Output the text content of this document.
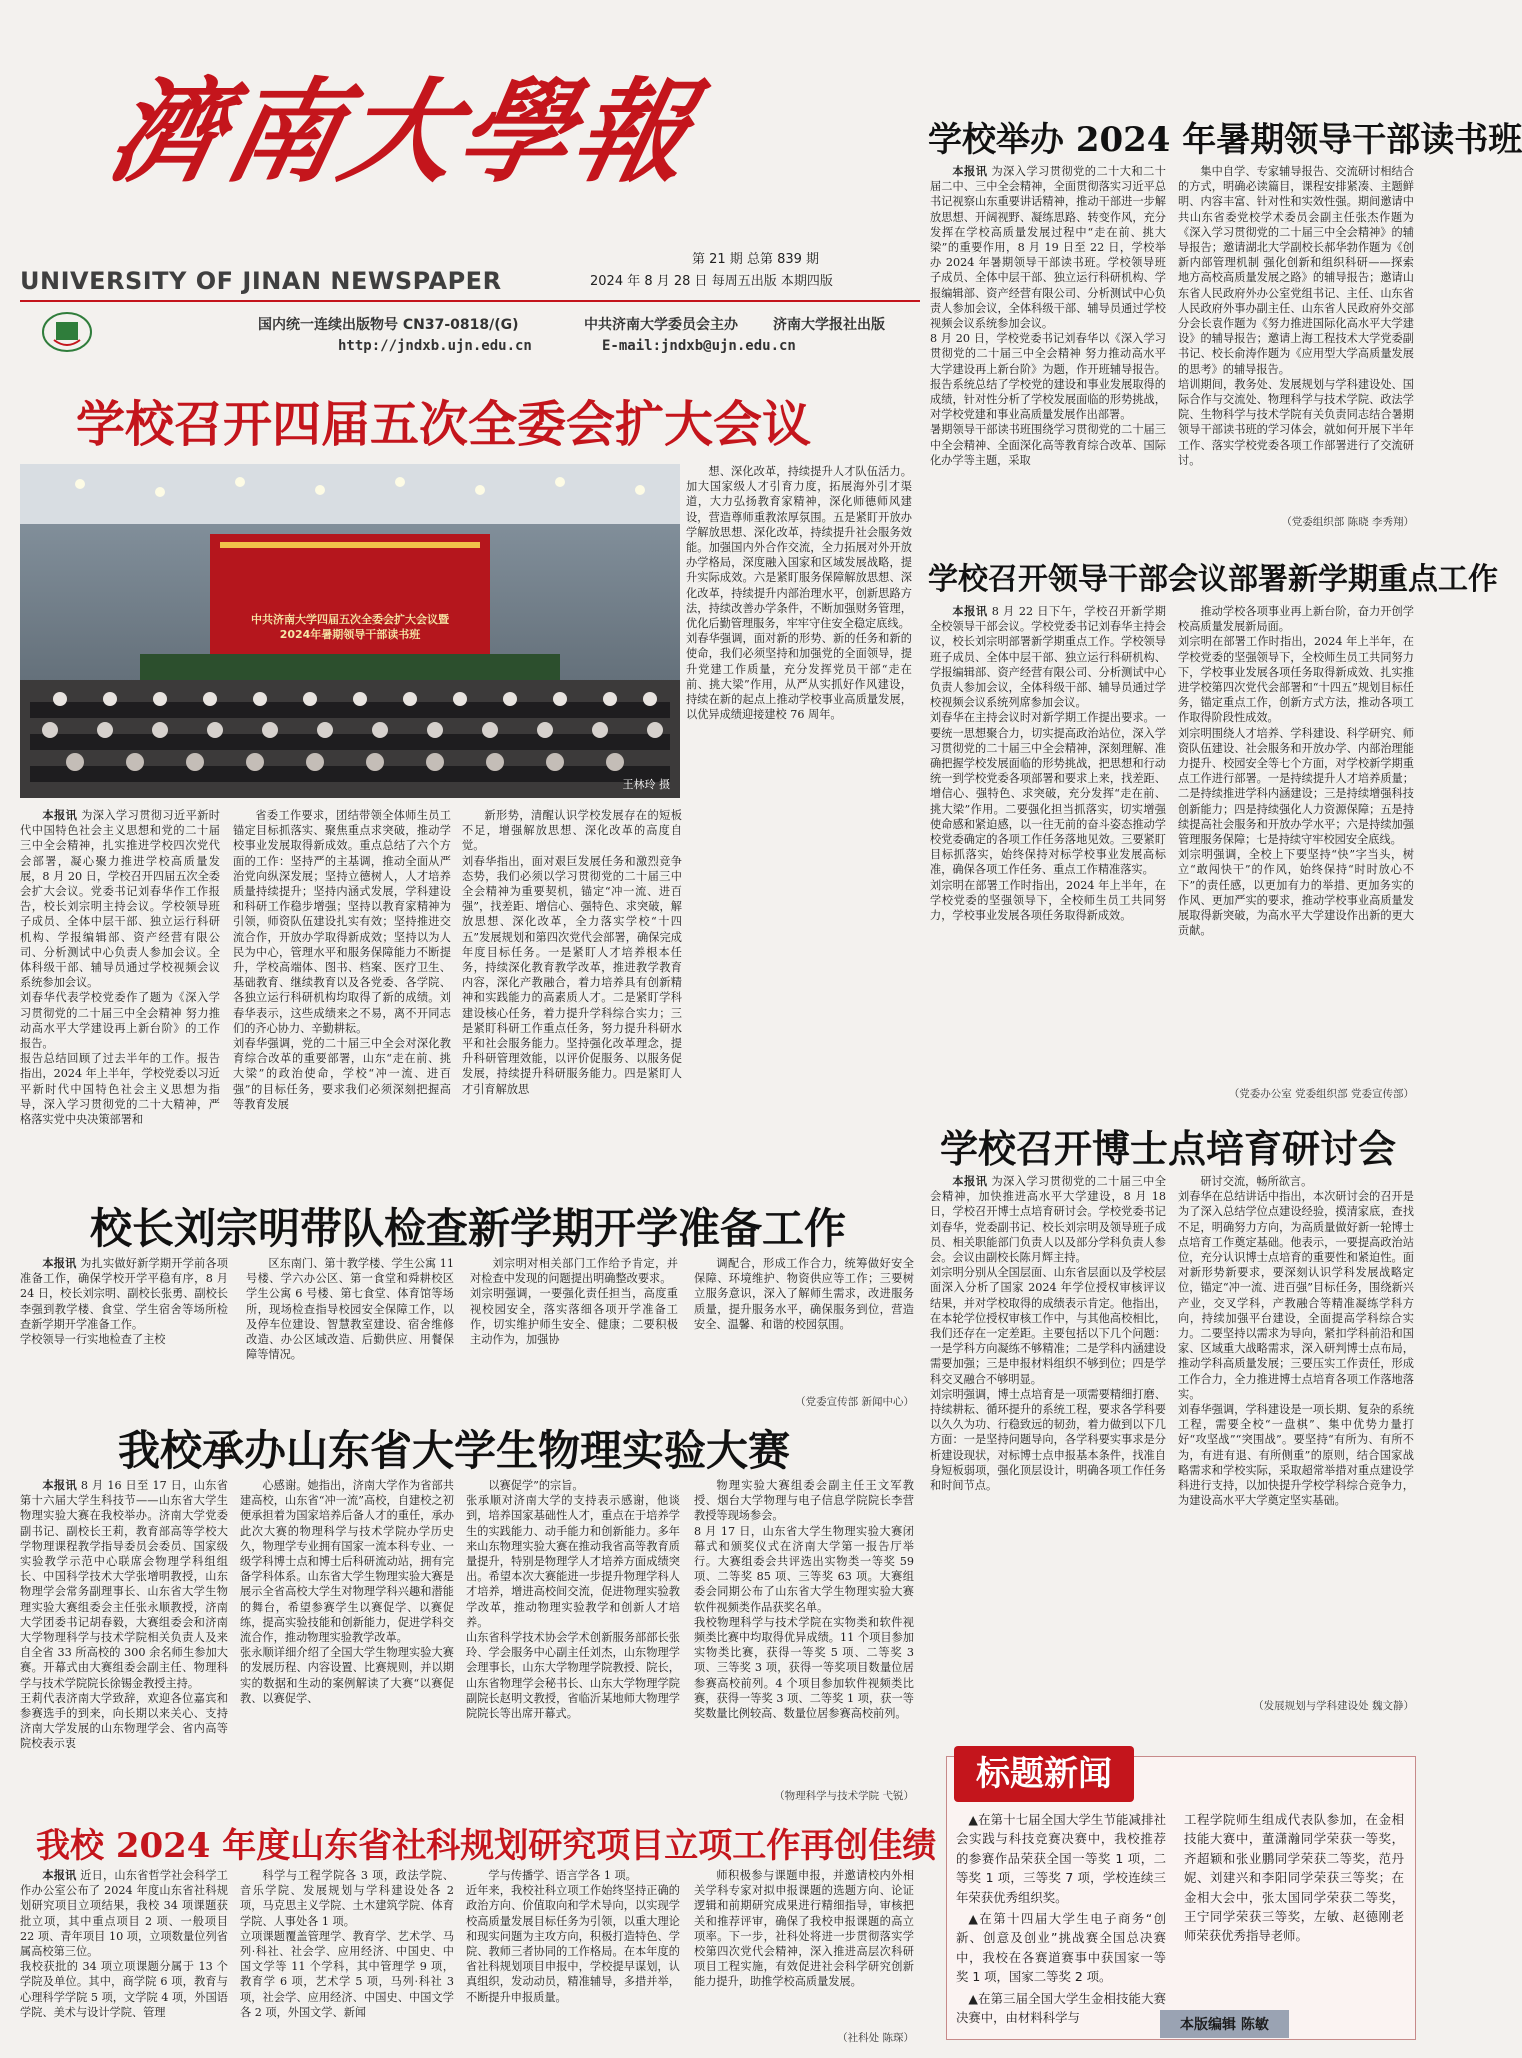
濟南大學報
UNIVERSITY OF JINAN NEWSPAPER
第 21 期 总第 839 期
2024 年 8 月 28 日 每周五出版 本期四版
国内统一连续出版物号 CN37-0818/(G)	中共济南大学委员会主办	济南大学报社出版
http://jndxb.ujn.edu.cn	E-mail:jndxb@ujn.edu.cn
学校召开四届五次全委会扩大会议
中共济南大学四届五次全委会扩大会议暨
2024年暑期领导干部读书班
王林玲 摄

本报讯 为深入学习贯彻习近平新时代中国特色社会主义思想和党的二十届三中全会精神，扎实推进学校四次党代会部署，凝心聚力推进学校高质量发展，8 月 20 日，学校召开四届五次全委会扩大会议。党委书记刘春华作工作报告，校长刘宗明主持会议。学校领导班子成员、全体中层干部、独立运行科研机构、学报编辑部、资产经营有限公司、分析测试中心负责人参加会议。全体科级干部、辅导员通过学校视频会议系统参加会议。
刘春华代表学校党委作了题为《深入学习贯彻党的二十届三中全会精神 努力推动高水平大学建设再上新台阶》的工作报告。
报告总结回顾了过去半年的工作。报告指出，2024 年上半年，学校党委以习近平新时代中国特色社会主义思想为指导，深入学习贯彻党的二十大精神，严格落实党中央决策部署和

省委工作要求，团结带领全体师生员工锚定目标抓落实、聚焦重点求突破，推动学校事业发展取得新成效。重点总结了六个方面的工作：坚持严的主基调，推动全面从严治党向纵深发展；坚持立德树人，人才培养质量持续提升；坚持内涵式发展，学科建设和科研工作稳步增强；坚持以教育家精神为引领，师资队伍建设扎实有效；坚持推进交流合作，开放办学取得新成效；坚持以为人民为中心，管理水平和服务保障能力不断提升，学校高端体、图书、档案、医疗卫生、基础教育、继续教育以及各党委、各学院、各独立运行科研机构均取得了新的成绩。刘春华表示，这些成绩来之不易，离不开同志们的齐心协力、辛勤耕耘。
刘春华强调，党的二十届三中全会对深化教育综合改革的重要部署，山东“走在前、挑大梁”的政治使命，学校“冲一流、进百强”的目标任务，要求我们必须深刻把握高等教育发展

新形势，清醒认识学校发展存在的短板不足，增强解放思想、深化改革的高度自觉。
刘春华指出，面对艰巨发展任务和激烈竞争态势，我们必须以学习贯彻党的二十届三中全会精神为重要契机，锚定“冲一流、进百强”，找差距、增信心、强特色、求突破，解放思想、深化改革，全力落实学校“十四五”发展规划和第四次党代会部署，确保完成年度目标任务。一是紧盯人才培养根本任务，持续深化教育教学改革，推进教学教育内容，深化产教融合，着力培养具有创新精神和实践能力的高素质人才。二是紧盯学科建设核心任务，着力提升学科综合实力；三是紧盯科研工作重点任务，努力提升科研水平和社会服务能力。坚持强化改革理念，提升科研管理效能，以评价促服务、以服务促发展，持续提升科研服务能力。四是紧盯人才引育解放思

想、深化改革，持续提升人才队伍活力。加大国家级人才引育力度，拓展海外引才渠道，大力弘扬教育家精神，深化师德师风建设，营造尊师重教浓厚氛围。五是紧盯开放办学解放思想、深化改革，持续提升社会服务效能。加强国内外合作交流，全力拓展对外开放办学格局，深度融入国家和区域发展战略，提升实际成效。六是紧盯服务保障解放思想、深化改革，持续提升内部治理水平，创新思路方法，持续改善办学条件，不断加强财务管理，优化后勤管理服务，牢牢守住安全稳定底线。
刘春华强调，面对新的形势、新的任务和新的使命，我们必须坚持和加强党的全面领导，提升党建工作质量，充分发挥党员干部“走在前、挑大梁”作用，从严从实抓好作风建设，持续在新的起点上推动学校事业高质量发展，以优异成绩迎接建校 76 周年。

学校举办 2024 年暑期领导干部读书班

本报讯 为深入学习贯彻党的二十大和二十届二中、三中全会精神，全面贯彻落实习近平总书记视察山东重要讲话精神，推动干部进一步解放思想、开阔视野、凝练思路、转变作风，充分发挥在学校高质量发展过程中“走在前、挑大梁”的重要作用，8 月 19 日至 22 日，学校举办 2024 年暑期领导干部读书班。学校领导班子成员、全体中层干部、独立运行科研机构、学报编辑部、资产经营有限公司、分析测试中心负责人参加会议，全体科级干部、辅导员通过学校视频会议系统参加会议。
8 月 20 日，学校党委书记刘春华以《深入学习贯彻党的二十届三中全会精神 努力推动高水平大学建设再上新台阶》为题，作开班辅导报告。报告系统总结了学校党的建设和事业发展取得的成绩，针对性分析了学校发展面临的形势挑战，对学校党建和事业高质量发展作出部署。
暑期领导干部读书班围绕学习贯彻党的二十届三中全会精神、全面深化高等教育综合改革、国际化办学等主题，采取

集中自学、专家辅导报告、交流研讨相结合的方式，明确必读篇目，课程安排紧凑、主题鲜明、内容丰富、针对性和实效性强。期间邀请中共山东省委党校学术委员会副主任张杰作题为《深入学习贯彻党的二十届三中全会精神》的辅导报告；邀请湖北大学副校长郝华勃作题为《创新内部管理机制 强化创新和组织科研——探索地方高校高质量发展之路》的辅导报告；邀请山东省人民政府外办公室党组书记、主任、山东省人民政府外事办副主任、山东省人民政府外交部分会长袁作题为《努力推进国际化高水平大学建设》的辅导报告；邀请上海工程技术大学党委副书记、校长俞涛作题为《应用型大学高质量发展的思考》的辅导报告。
培训期间，教务处、发展规划与学科建设处、国际合作与交流处、物理科学与技术学院、政法学院、生物科学与技术学院有关负责同志结合暑期领导干部读书班的学习体会，就如何开展下半年工作、落实学校党委各项工作部署进行了交流研讨。

（党委组织部 陈晓 李秀翔）
学校召开领导干部会议部署新学期重点工作

本报讯 8 月 22 日下午，学校召开新学期全校领导干部会议。学校党委书记刘春华主持会议，校长刘宗明部署新学期重点工作。学校领导班子成员、全体中层干部、独立运行科研机构、学报编辑部、资产经营有限公司、分析测试中心负责人参加会议，全体科级干部、辅导员通过学校视频会议系统列席参加会议。
刘春华在主持会议时对新学期工作提出要求。一要统一思想聚合力，切实提高政治站位，深入学习贯彻党的二十届三中全会精神，深刻理解、准确把握学校发展面临的形势挑战，把思想和行动统一到学校党委各项部署和要求上来，找差距、增信心、强特色、求突破，充分发挥“走在前、挑大梁”作用。二要强化担当抓落实，切实增强使命感和紧迫感，以一往无前的奋斗姿态推动学校党委确定的各项工作任务落地见效。三要紧盯目标抓落实，始终保持对标学校事业发展高标准，确保各项工作任务、重点工作精准落实。
刘宗明在部署工作时指出，2024 年上半年，在学校党委的坚强领导下，全校师生员工共同努力，学校事业发展各项任务取得新成效。

推动学校各项事业再上新台阶，奋力开创学校高质量发展新局面。
刘宗明在部署工作时指出，2024 年上半年，在学校党委的坚强领导下，全校师生员工共同努力下，学校事业发展各项任务取得新成效、扎实推进学校第四次党代会部署和“十四五”规划目标任务，锚定重点工作，创新方式方法，推动各项工作取得阶段性成效。
刘宗明围绕人才培养、学科建设、科学研究、师资队伍建设、社会服务和开放办学、内部治理能力提升、校园安全等七个方面，对学校新学期重点工作进行部署。一是持续提升人才培养质量；二是持续推进学科内涵建设；三是持续增强科技创新能力；四是持续强化人力资源保障；五是持续提高社会服务和开放办学水平；六是持续加强管理服务保障；七是持续守牢校园安全底线。
刘宗明强调，全校上下要坚持“快”字当头，树立“敢闯快干”的作风，始终保持“时时放心不下”的责任感，以更加有力的举措、更加务实的作风、更加严实的要求，推动学校事业高质量发展取得新突破，为高水平大学建设作出新的更大贡献。

（党委办公室 党委组织部 党委宣传部）
学校召开博士点培育研讨会

本报讯 为深入学习贯彻党的二十届三中全会精神，加快推进高水平大学建设，8 月 18 日，学校召开博士点培育研讨会。学校党委书记刘春华，党委副书记、校长刘宗明及领导班子成员、相关职能部门负责人以及部分学科负责人参会。会议由副校长陈月辉主持。
刘宗明分别从全国层面、山东省层面以及学校层面深入分析了国家 2024 年学位授权审核评议结果，并对学校取得的成绩表示肯定。他指出，在本轮学位授权审核工作中，与其他高校相比，我们还存在一定差距。主要包括以下几个问题：一是学科方向凝练不够精准；二是学科内涵建设需要加强；三是申报材料组织不够到位；四是学科交叉融合不够明显。
刘宗明强调，博士点培育是一项需要精细打磨、持续耕耘、循环提升的系统工程，要求各学科要以久久为功、行稳致远的韧劲，着力做到以下几方面：一是坚持问题导向，各学科要实事求是分析建设现状，对标博士点申报基本条件，找准自身短板弱项，强化顶层设计，明确各项工作任务和时间节点。

研讨交流，畅所欲言。
刘春华在总结讲话中指出，本次研讨会的召开是为了深入总结学位点建设经验，摸清家底，查找不足，明确努力方向，为高质量做好新一轮博士点培育工作奠定基础。他表示，一要提高政治站位，充分认识博士点培育的重要性和紧迫性。面对新形势新要求，要深刻认识学科发展战略定位，锚定“冲一流、进百强”目标任务，围绕新兴产业，交叉学科，产教融合等精准凝练学科方向，持续加强平台建设，全面提高学科综合实力。二要坚持以需求为导向，紧扣学科前沿和国家、区域重大战略需求，深入研判博士点布局，推动学科高质量发展；三要压实工作责任，形成工作合力，全力推进博士点培育各项工作落地落实。
刘春华强调，学科建设是一项长期、复杂的系统工程，需要全校“一盘棋”、集中优势力量打好“攻坚战”“突围战”。要坚持“有所为、有所不为，有进有退、有所侧重”的原则，结合国家战略需求和学校实际，采取超常举措对重点建设学科进行支持，以加快提升学校学科综合竞争力，为建设高水平大学奠定坚实基础。

（发展规划与学科建设处 魏文静）
校长刘宗明带队检查新学期开学准备工作

本报讯 为扎实做好新学期开学前各项准备工作，确保学校开学平稳有序，8 月 24 日，校长刘宗明、副校长张勇、副校长李强到教学楼、食堂、学生宿舍等场所检查新学期开学准备工作。
学校领导一行实地检查了主校

区东南门、第十教学楼、学生公寓 11 号楼、学六办公区、第一食堂和舜耕校区学生公寓 6 号楼、第七食堂、体育馆等场所，现场检查指导校园安全保障工作，以及停车位建设、智慧教室建设、宿舍维修改造、办公区域改造、后勤供应、用餐保障等情况。

刘宗明对相关部门工作给予肯定，并对检查中发现的问题提出明确整改要求。
刘宗明强调，一要强化责任担当，高度重视校园安全，落实落细各项开学准备工作，切实维护师生安全、健康；二要积极主动作为，加强协

调配合，形成工作合力，统筹做好安全保障、环境维护、物资供应等工作；三要树立服务意识，深入了解师生需求，改进服务质量，提升服务水平，确保服务到位，营造安全、温馨、和谐的校园氛围。

（党委宣传部 新闻中心）
我校承办山东省大学生物理实验大赛

本报讯 8 月 16 日至 17 日，山东省第十六届大学生科技节——山东省大学生物理实验大赛在我校举办。济南大学党委副书记、副校长王莉，教育部高等学校大学物理课程教学指导委员会委员、国家级实验教学示范中心联席会物理学科组组长、中国科学技术大学张增明教授，山东物理学会常务副理事长、山东省大学生物理实验大赛组委会主任张永顺教授，济南大学团委书记胡春毅，大赛组委会和济南大学物理科学与技术学院相关负责人及来自全省 33 所高校的 300 余名师生参加大赛。开幕式由大赛组委会副主任、物理科学与技术学院院长徐锡金教授主持。
王莉代表济南大学致辞，欢迎各位嘉宾和参赛选手的到来，向长期以来关心、支持济南大学发展的山东物理学会、省内高等院校表示衷

心感谢。她指出，济南大学作为省部共建高校，山东省“冲一流”高校，自建校之初便承担着为国家培养后备人才的重任，承办此次大赛的物理科学与技术学院办学历史久，物理学专业拥有国家一流本科专业、一级学科博士点和博士后科研流动站，拥有完备学科体系。山东省大学生物理实验大赛是展示全省高校大学生对物理学科兴趣和潜能的舞台，希望参赛学生以赛促学、以赛促练，提高实验技能和创新能力，促进学科交流合作，推动物理实验教学改革。
张永顺详细介绍了全国大学生物理实验大赛的发展历程、内容设置、比赛规则，并以期实的数据和生动的案例解读了大赛“以赛促教、以赛促学、

以赛促学”的宗旨。
张承顺对济南大学的支持表示感谢，他谈到，培养国家基础性人才，重点在于培养学生的实践能力、动手能力和创新能力。多年来山东物理实验大赛在推动我省高等教育质量提升，特别是物理学人才培养方面成绩突出。希望本次大赛能进一步提升物理学科人才培养，增进高校间交流，促进物理实验教学改革，推动物理实验教学和创新人才培养。
山东省科学技术协会学术创新服务部部长张玲、学会服务中心副主任刘杰，山东物理学会理事长，山东大学物理学院教授、院长，山东省物理学会秘书长、山东大学物理学院副院长赵明文教授，省临沂某地师大物理学院院长等出席开幕式。

物理实验大赛组委会副主任王文军教授、烟台大学物理与电子信息学院院长李营教授等现场参会。
8 月 17 日，山东省大学生物理实验大赛闭幕式和颁奖仪式在济南大学第一报告厅举行。大赛组委会共评选出实物类一等奖 59 项、二等奖 85 项、三等奖 63 项。大赛组委会同期公布了山东省大学生物理实验大赛软件视频类作品获奖名单。
我校物理科学与技术学院在实物类和软件视频类比赛中均取得优异成绩。11 个项目参加实物类比赛，获得一等奖 5 项、二等奖 3 项、三等奖 3 项，获得一等奖项目数量位居参赛高校前列。4 个项目参加软件视频类比赛，获得一等奖 3 项、二等奖 1 项，获一等奖数量比例较高、数量位居参赛高校前列。

（物理科学与技术学院 弋锐）
我校 2024 年度山东省社科规划研究项目立项工作再创佳绩

本报讯 近日，山东省哲学社会科学工作办公室公布了 2024 年度山东省社科规划研究项目立项结果，我校 34 项课题获批立项，其中重点项目 2 项、一般项目 22 项、青年项目 10 项，立项数量位列省属高校第三位。
我校获批的 34 项立项课题分属于 13 个学院及单位。其中，商学院 6 项，教育与心理科学学院 5 项，文学院 4 项，外国语学院、美术与设计学院、管理

科学与工程学院各 3 项，政法学院、音乐学院、发展规划与学科建设处各 2 项，马克思主义学院、土木建筑学院、体育学院、人事处各 1 项。
立项课题覆盖管理学、教育学、艺术学、马列·科社、社会学、应用经济、中国史、中国文学等 11 个学科，其中管理学 9 项，教育学 6 项，艺术学 5 项，马列·科社 3 项，社会学、应用经济、中国史、中国文学各 2 项，外国文学、新闻

学与传播学、语言学各 1 项。
近年来，我校社科立项工作始终坚持正确的政治方向、价值取向和学术导向，以实现学校高质量发展目标任务为引领，以重大理论和现实问题为主攻方向，积极打造特色、学院、教师三者协同的工作格局。在本年度的省社科规划项目申报中，学校提早谋划，认真组织，发动动员，精准辅导，多措并举，不断提升申报质量。

师积极参与课题申报，并邀请校内外相关学科专家对拟申报课题的选题方向、论证逻辑和前期研究成果进行精细指导，审核把关和推荐评审，确保了我校申报课题的高立项率。下一步，社科处将进一步贯彻落实学校第四次党代会精神，深入推进高层次科研项目工程实施，有效促进社会科学研究创新能力提升，助推学校高质量发展。

（社科处 陈琛）
标题新闻

▲在第十七届全国大学生节能减排社会实践与科技竞赛决赛中，我校推荐的参赛作品荣获全国一等奖 1 项，二等奖 1 项，三等奖 7 项，学校连续三年荣获优秀组织奖。

▲在第十四届大学生电子商务“创新、创意及创业”挑战赛全国总决赛中，我校在各赛道赛事中获国家一等奖 1 项，国家二等奖 2 项。

▲在第三届全国大学生金相技能大赛决赛中，由材料科学与

工程学院师生组成代表队参加，在金相技能大赛中，董潇瀚同学荣获一等奖，齐超颖和张业鹏同学荣获二等奖，范丹妮、刘建兴和李阳同学荣获三等奖；在金相大会中，张太国同学荣获二等奖，王宁同学荣获三等奖，左敏、赵德刚老师荣获优秀指导老师。

本版编辑 陈敏
